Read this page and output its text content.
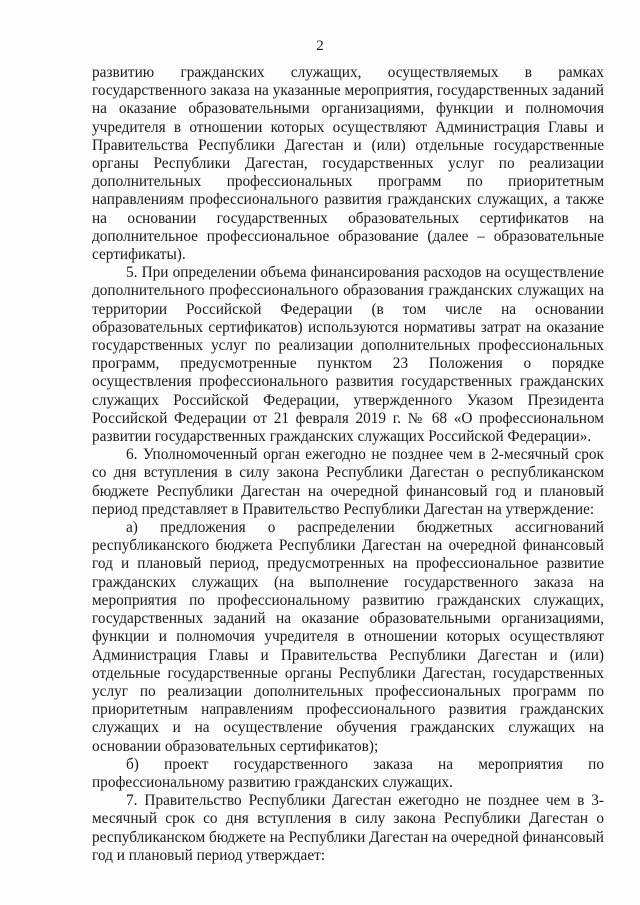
2

развитию гражданских служащих, осуществляемых в рамках государственного заказа на указанные мероприятия, государственных заданий на оказание образовательными организациями, функции и полномочия учредителя в отношении которых осуществляют Администрация Главы и Правительства Республики Дагестан и (или) отдельные государственные органы Республики Дагестан, государственных услуг по реализации дополнительных профессиональных программ по приоритетным направлениям профессионального развития гражданских служащих, а также на основании государственных образовательных сертификатов на дополнительное профессиональное образование (далее – образовательные сертификаты).

5. При определении объема финансирования расходов на осуществление дополнительного профессионального образования гражданских служащих на территории Российской Федерации (в том числе на основании образовательных сертификатов) используются нормативы затрат на оказание государственных услуг по реализации дополнительных профессиональных программ, предусмотренные пунктом 23 Положения о порядке осуществления профессионального развития государственных гражданских служащих Российской Федерации, утвержденного Указом Президента Российской Федерации от 21 февраля 2019 г. № 68 «О профессиональном развитии государственных гражданских служащих Российской Федерации».

6. Уполномоченный орган ежегодно не позднее чем в 2-месячный срок со дня вступления в силу закона Республики Дагестан о республиканском бюджете Республики Дагестан на очередной финансовый год и плановый период представляет в Правительство Республики Дагестан на утверждение:

а) предложения о распределении бюджетных ассигнований республиканского бюджета Республики Дагестан на очередной финансовый год и плановый период, предусмотренных на профессиональное развитие гражданских служащих (на выполнение государственного заказа на мероприятия по профессиональному развитию гражданских служащих, государственных заданий на оказание образовательными организациями, функции и полномочия учредителя в отношении которых осуществляют Администрация Главы и Правительства Республики Дагестан и (или) отдельные государственные органы Республики Дагестан, государственных услуг по реализации дополнительных профессиональных программ по приоритетным направлениям профессионального развития гражданских служащих и на осуществление обучения гражданских служащих на основании образовательных сертификатов);

б) проект государственного заказа на мероприятия по профессиональному развитию гражданских служащих.

7. Правительство Республики Дагестан ежегодно не позднее чем в 3-месячный срок со дня вступления в силу закона Республики Дагестан о республиканском бюджете на Республики Дагестан на очередной финансовый год и плановый период утверждает:
